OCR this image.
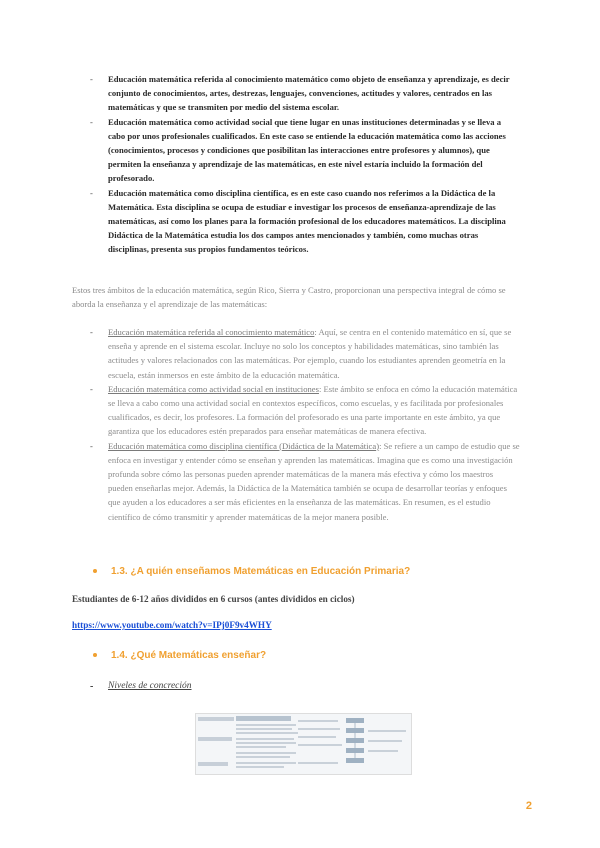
- Educación matemática referida al conocimiento matemático como objeto de enseñanza y aprendizaje, es decir conjunto de conocimientos, artes, destrezas, lenguajes, convenciones, actitudes y valores, centrados en las matemáticas y que se transmiten por medio del sistema escolar.
- Educación matemática como actividad social que tiene lugar en unas instituciones determinadas y se lleva a cabo por unos profesionales cualificados. En este caso se entiende la educación matemática como las acciones (conocimientos, procesos y condiciones que posibilitan las interacciones entre profesores y alumnos), que permiten la enseñanza y aprendizaje de las matemáticas, en este nivel estaría incluido la formación del profesorado.
- Educación matemática como disciplina científica, es en este caso cuando nos referimos a la Didáctica de la Matemática. Esta disciplina se ocupa de estudiar e investigar los procesos de enseñanza-aprendizaje de las matemáticas, así como los planes para la formación profesional de los educadores matemáticos. La disciplina Didáctica de la Matemática estudia los dos campos antes mencionados y también, como muchas otras disciplinas, presenta sus propios fundamentos teóricos.
Estos tres ámbitos de la educación matemática, según Rico, Sierra y Castro, proporcionan una perspectiva integral de cómo se aborda la enseñanza y el aprendizaje de las matemáticas:
- Educación matemática referida al conocimiento matemático: Aquí, se centra en el contenido matemático en sí, que se enseña y aprende en el sistema escolar. Incluye no solo los conceptos y habilidades matemáticas, sino también las actitudes y valores relacionados con las matemáticas. Por ejemplo, cuando los estudiantes aprenden geometría en la escuela, están inmersos en este ámbito de la educación matemática.
- Educación matemática como actividad social en instituciones: Este ámbito se enfoca en cómo la educación matemática se lleva a cabo como una actividad social en contextos específicos, como escuelas, y es facilitada por profesionales cualificados, es decir, los profesores. La formación del profesorado es una parte importante en este ámbito, ya que garantiza que los educadores estén preparados para enseñar matemáticas de manera efectiva.
- Educación matemática como disciplina científica (Didáctica de la Matemática): Se refiere a un campo de estudio que se enfoca en investigar y entender cómo se enseñan y aprenden las matemáticas. Imagina que es como una investigación profunda sobre cómo las personas pueden aprender matemáticas de la manera más efectiva y cómo los maestros pueden enseñarlas mejor. Además, la Didáctica de la Matemática también se ocupa de desarrollar teorías y enfoques que ayuden a los educadores a ser más eficientes en la enseñanza de las matemáticas. En resumen, es el estudio científico de cómo transmitir y aprender matemáticas de la mejor manera posible.
1.3. ¿A quién enseñamos Matemáticas en Educación Primaria?
Estudiantes de 6-12 años divididos en 6 cursos (antes divididos en ciclos)
https://www.youtube.com/watch?v=IPj0F9v4WHY
1.4. ¿Qué Matemáticas enseñar?
- Niveles de concreción
2
